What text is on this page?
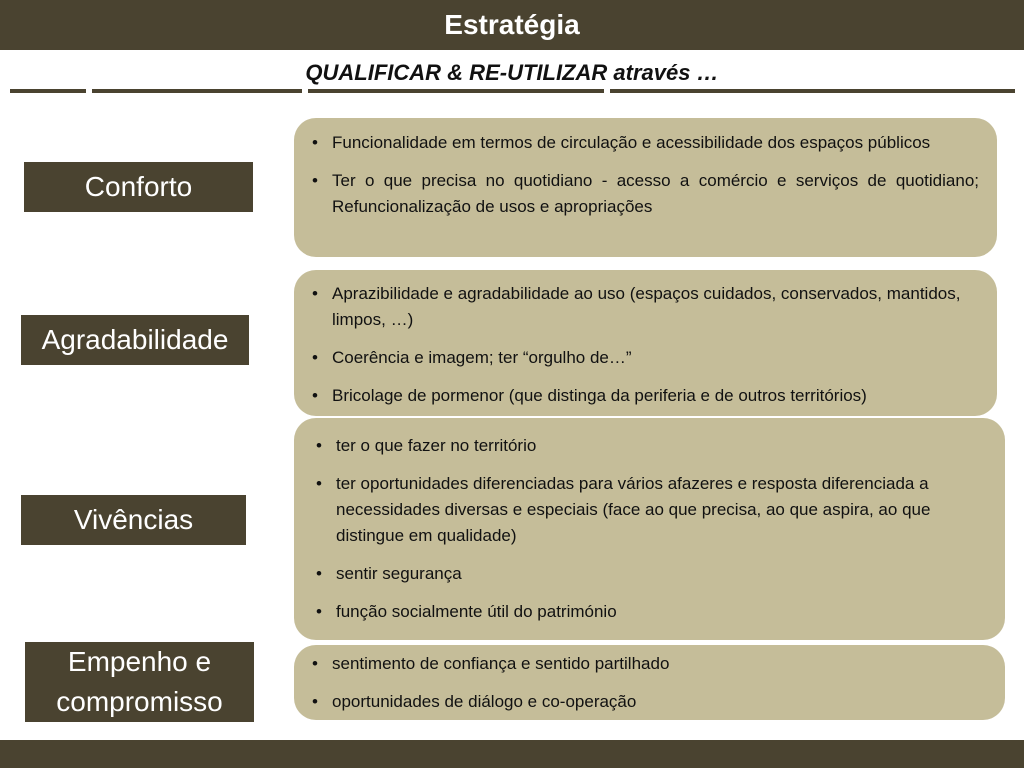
Estratégia
QUALIFICAR & RE-UTILIZAR através …
Conforto
• Funcionalidade em termos de circulação e acessibilidade dos espaços públicos
• Ter o que precisa no quotidiano - acesso a comércio e serviços de quotidiano; Refuncionalização de usos e apropriações
Agradabilidade
• Aprazibilidade e agradabilidade ao uso (espaços cuidados, conservados, mantidos, limpos, …)
• Coerência e imagem; ter “orgulho de…”
• Bricolage de pormenor (que distinga da periferia e de outros territórios)
Vivências
• ter o que fazer no território
• ter oportunidades diferenciadas para vários afazeres e resposta diferenciada a necessidades diversas e especiais (face ao que precisa, ao que aspira, ao que distingue em qualidade)
• sentir segurança
• função socialmente útil do património
Empenho e
compromisso
• sentimento de confiança e sentido partilhado
• oportunidades de diálogo e co-operação
